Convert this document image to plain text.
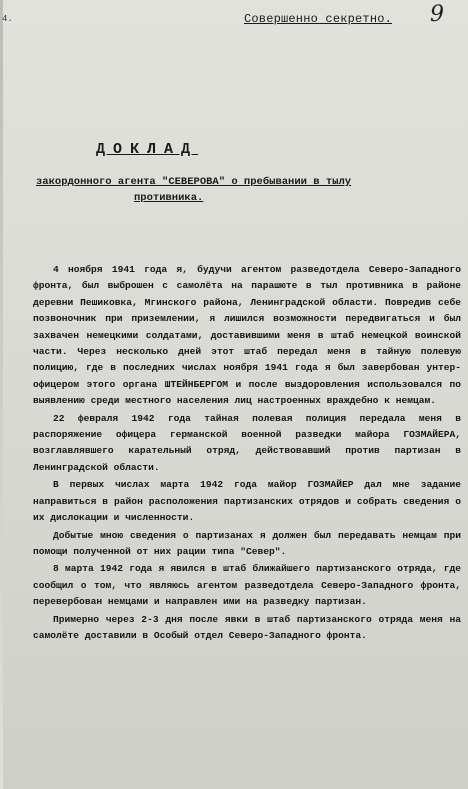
4.	Совершенно секретно. 9
ДОКЛАД
закордонного агента "СЕВЕРОВА" о пребывании в тылу
противника.

4 ноября 1941 года я, будучи агентом разведотдела Северо-Западного фронта, был выброшен с самолёта на парашюте в тыл противника в районе деревни Пешиковка, Мгинского района, Ленинградской области. Повредив себе позвоночник при приземлении, я лишился возможности передвигаться и был захвачен немецкими солдатами, доставившими меня в штаб немецкой воинской части. Через несколько дней этот штаб передал меня в тайную полевую полицию, где в последних числах ноября 1941 года я был завербован унтер-офицером этого органа ШТЕЙНБЕРГОМ и после выздоровления использовался по выявлению среди местного населения лиц настроенных враждебно к немцам.

22 февраля 1942 года тайная полевая полиция передала меня в распоряжение офицера германской военной разведки майора ГОЗМАЙЕРА, возглавлявшего карательный отряд, действовавший против партизан в Ленинградской области.

В первых числах марта 1942 года майор ГОЗМАЙЕР дал мне задание направиться в район расположения партизанских отрядов и собрать сведения о их дислокации и численности.

Добытые мною сведения о партизанах я должен был передавать немцам при помощи полученной от них рации типа "Север".

8 марта 1942 года я явился в штаб ближайшего партизанского отряда, где сообщил о том, что являюсь агентом разведотдела Северо-Западного фронта, перевербован немцами и направлен ими на разведку партизан.

Примерно через 2-3 дня после явки в штаб партизанского отряда меня на самолёте доставили в Особый отдел Северо-Западного фронта.
